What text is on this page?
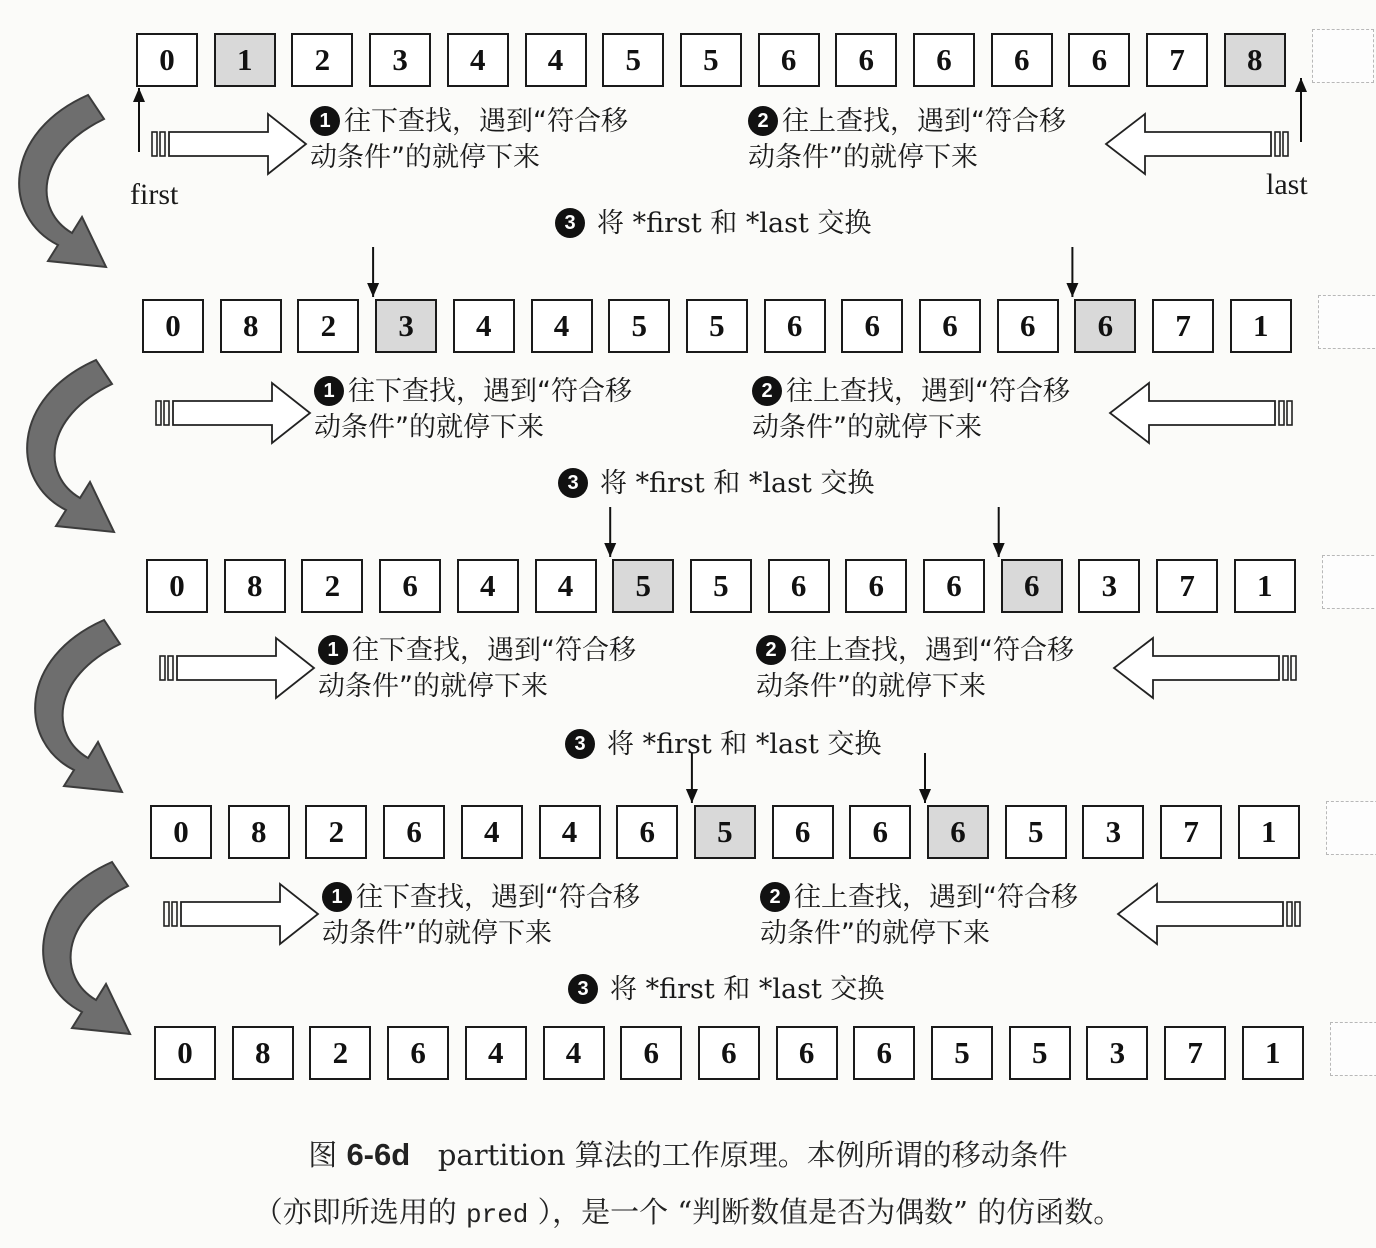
0	1	2	3	4	4	5	5	6	6	6	6	6	7	8
0	8	2	3	4	4	5	5	6	6	6	6	6	7	1
0	8	2	6	4	4	5	5	6	6	6	6	3	7	1
0	8	2	6	4	4	6	5	6	6	6	5	3	7	1
0	8	2	6	4	4	6	6	6	6	5	5	3	7	1
1 往下查找，遇到“符合移动条件”的就停下来
2 往上查找，遇到“符合移动条件”的就停下来
3 将 *first 和 *last 交换
1 往下查找，遇到“符合移动条件”的就停下来
2 往上查找，遇到“符合移动条件”的就停下来
3 将 *first 和 *last 交换
1 往下查找，遇到“符合移动条件”的就停下来
2 往上查找，遇到“符合移动条件”的就停下来
3 将 *first 和 *last 交换
1 往下查找，遇到“符合移动条件”的就停下来
2 往上查找，遇到“符合移动条件”的就停下来
3 将 *first 和 *last 交换
first	last
图 6-6d partition 算法的工作原理。本例所谓的移动条件
（亦即所选用的 pred ），是一个 “判断数值是否为偶数” 的仿函数。
